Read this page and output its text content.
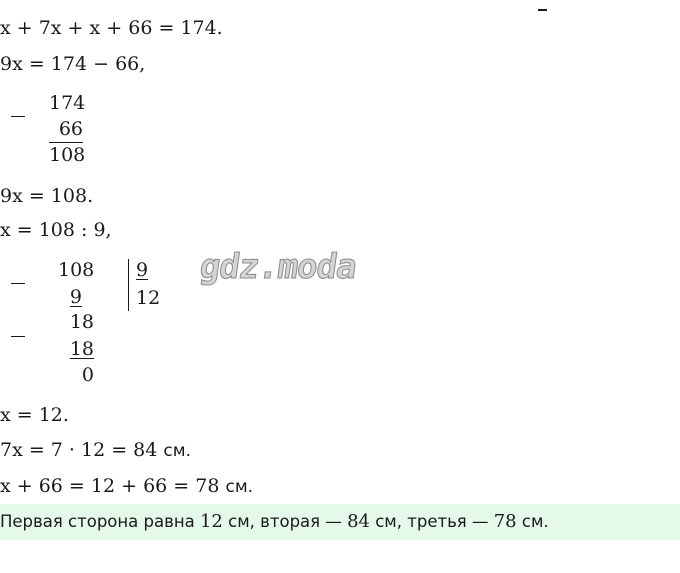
x + 7x + x + 66 = 174.
9x = 174 − 66,
174
66
108
9x = 108.
x = 108 : 9,
108
9
9
12
18
18
0
gdz.moda
x = 12.
7x = 7 · 12 = 84 см.
x + 66 = 12 + 66 = 78 см.
Первая сторона равна 12 см, вторая — 84 см, третья — 78 см.
